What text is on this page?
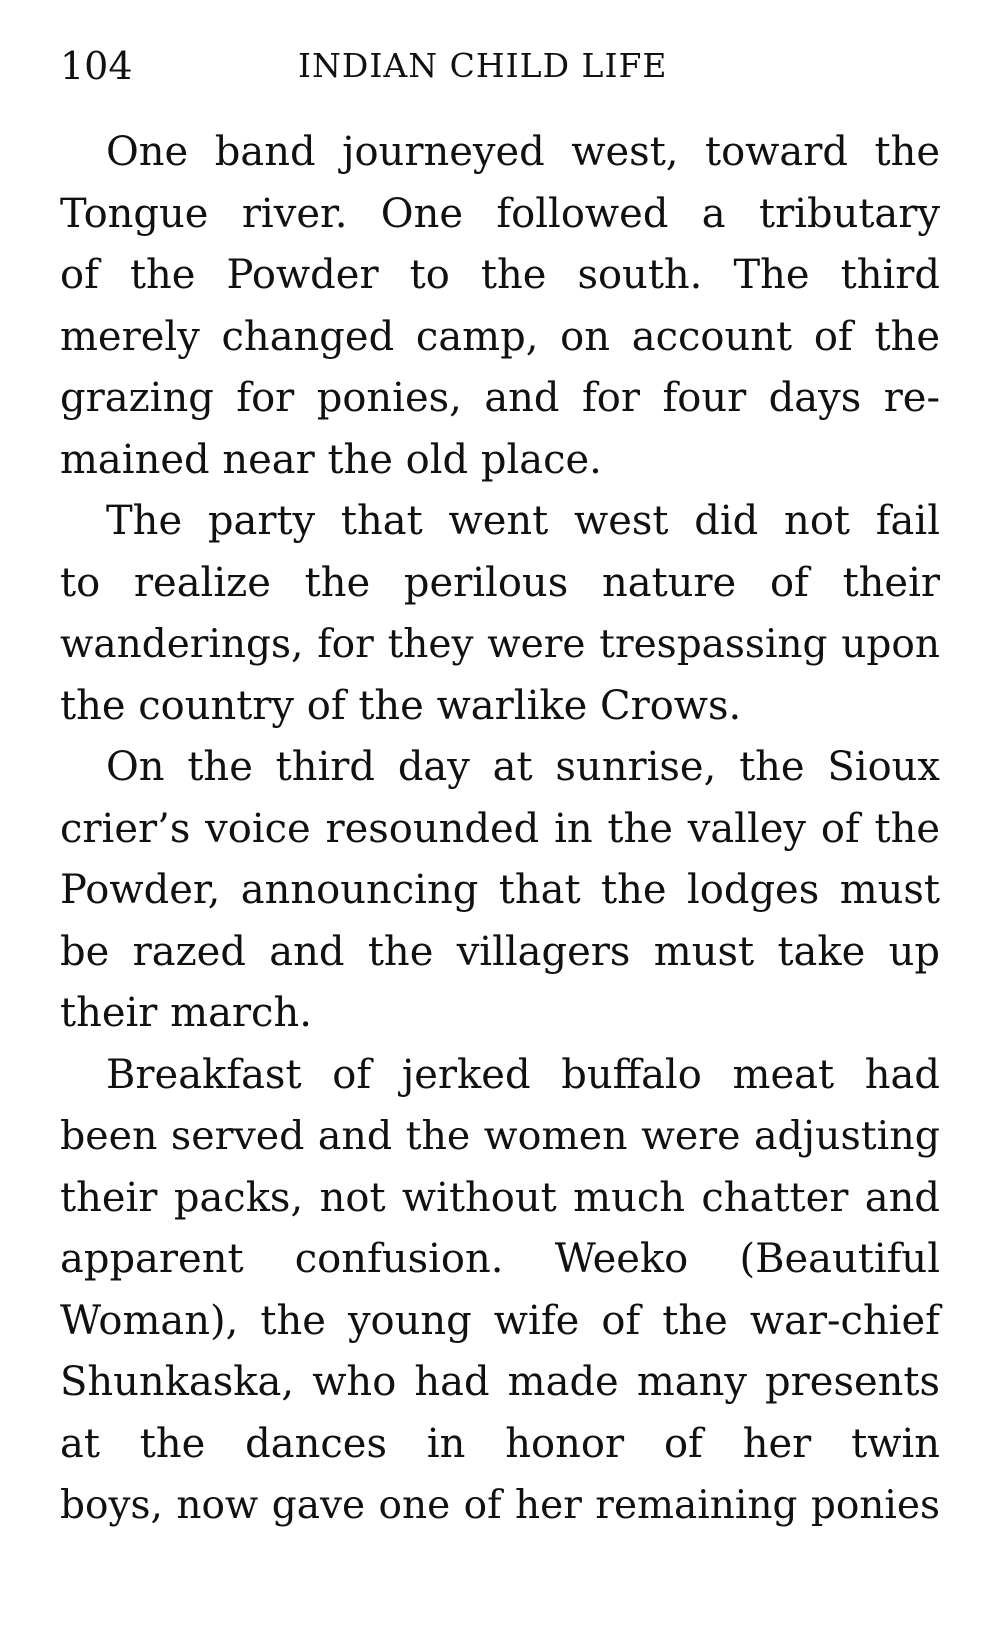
104	INDIAN CHILD LIFE
One band journeyed west, toward the
Tongue river. One followed a tributary
of the Powder to the south. The third
merely changed camp, on account of the
grazing for ponies, and for four days re-
mained near the old place.
The party that went west did not fail
to realize the perilous nature of their
wanderings, for they were trespassing upon
the country of the warlike Crows.
On the third day at sunrise, the Sioux
crier’s voice resounded in the valley of the
Powder, announcing that the lodges must
be razed and the villagers must take up
their march.
Breakfast of jerked buffalo meat had
been served and the women were adjusting
their packs, not without much chatter and
apparent confusion. Weeko (Beautiful
Woman), the young wife of the war-chief
Shunkaska, who had made many presents
at the dances in honor of her twin
boys, now gave one of her remaining ponies
